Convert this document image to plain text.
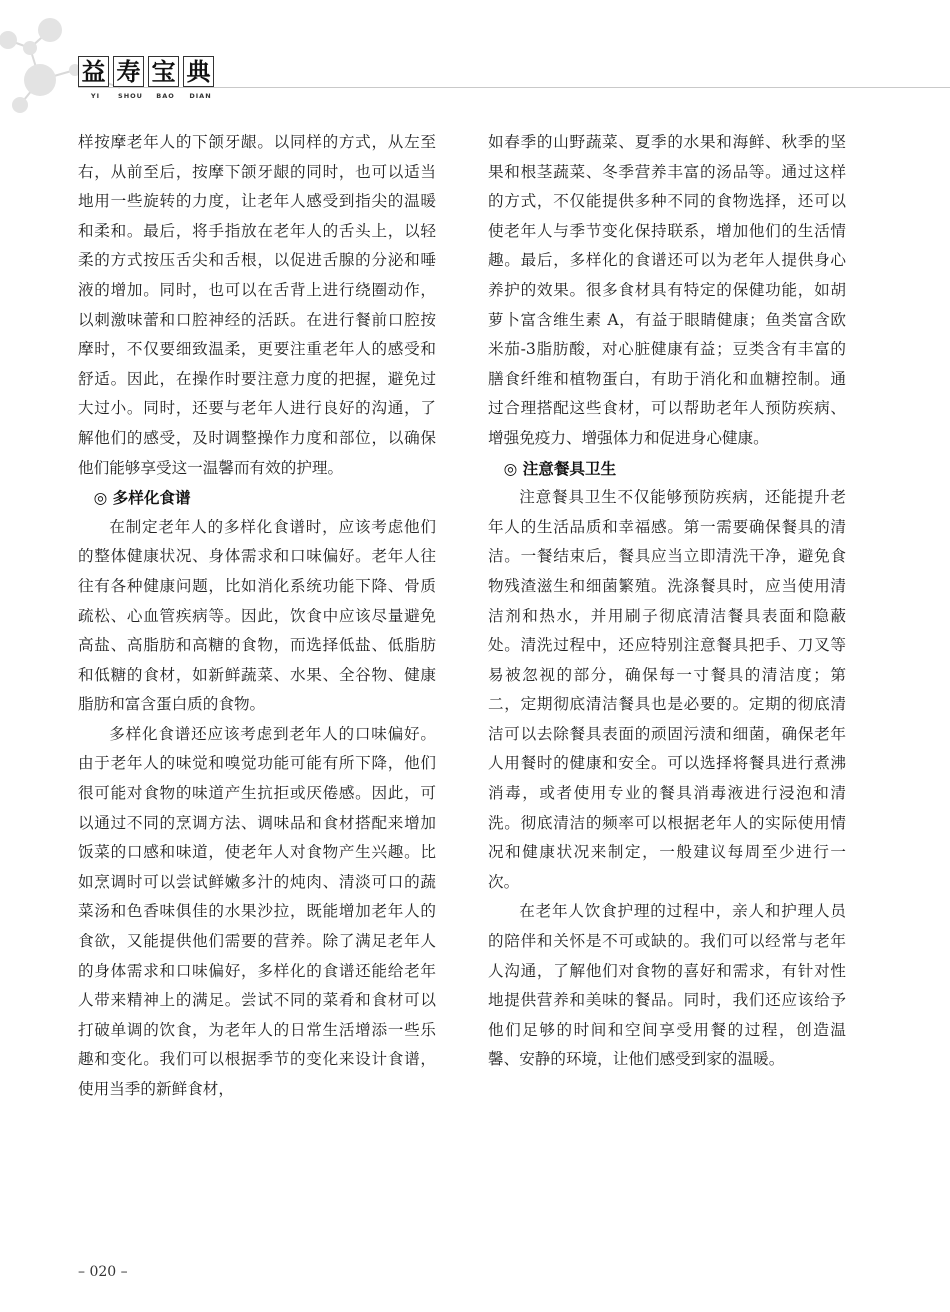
益 寿 宝 典
YI	SHOU	BAO	DIAN

样按摩老年人的下颌牙龈。以同样的方式，从左至右，从前至后，按摩下颌牙龈的同时，也可以适当地用一些旋转的力度，让老年人感受到指尖的温暖和柔和。最后，将手指放在老年人的舌头上，以轻柔的方式按压舌尖和舌根，以促进舌腺的分泌和唾液的增加。同时，也可以在舌背上进行绕圈动作，以刺激味蕾和口腔神经的活跃。在进行餐前口腔按摩时，不仅要细致温柔，更要注重老年人的感受和舒适。因此，在操作时要注意力度的把握，避免过大过小。同时，还要与老年人进行良好的沟通，了解他们的感受，及时调整操作力度和部位，以确保他们能够享受这一温馨而有效的护理。

◎ 多样化食谱

在制定老年人的多样化食谱时，应该考虑他们的整体健康状况、身体需求和口味偏好。老年人往往有各种健康问题，比如消化系统功能下降、骨质疏松、心血管疾病等。因此，饮食中应该尽量避免高盐、高脂肪和高糖的食物，而选择低盐、低脂肪和低糖的食材，如新鲜蔬菜、水果、全谷物、健康脂肪和富含蛋白质的食物。

多样化食谱还应该考虑到老年人的口味偏好。由于老年人的味觉和嗅觉功能可能有所下降，他们很可能对食物的味道产生抗拒或厌倦感。因此，可以通过不同的烹调方法、调味品和食材搭配来增加饭菜的口感和味道，使老年人对食物产生兴趣。比如烹调时可以尝试鲜嫩多汁的炖肉、清淡可口的蔬菜汤和色香味俱佳的水果沙拉，既能增加老年人的食欲，又能提供他们需要的营养。除了满足老年人的身体需求和口味偏好，多样化的食谱还能给老年人带来精神上的满足。尝试不同的菜肴和食材可以打破单调的饮食，为老年人的日常生活增添一些乐趣和变化。我们可以根据季节的变化来设计食谱，使用当季的新鲜食材，

如春季的山野蔬菜、夏季的水果和海鲜、秋季的坚果和根茎蔬菜、冬季营养丰富的汤品等。通过这样的方式，不仅能提供多种不同的食物选择，还可以使老年人与季节变化保持联系，增加他们的生活情趣。最后，多样化的食谱还可以为老年人提供身心养护的效果。很多食材具有特定的保健功能，如胡萝卜富含维生素 A，有益于眼睛健康；鱼类富含欧米茄-3脂肪酸，对心脏健康有益；豆类含有丰富的膳食纤维和植物蛋白，有助于消化和血糖控制。通过合理搭配这些食材，可以帮助老年人预防疾病、增强免疫力、增强体力和促进身心健康。

◎ 注意餐具卫生

注意餐具卫生不仅能够预防疾病，还能提升老年人的生活品质和幸福感。第一需要确保餐具的清洁。一餐结束后，餐具应当立即清洗干净，避免食物残渣滋生和细菌繁殖。洗涤餐具时，应当使用清洁剂和热水，并用刷子彻底清洁餐具表面和隐蔽处。清洗过程中，还应特别注意餐具把手、刀叉等易被忽视的部分，确保每一寸餐具的清洁度；第二，定期彻底清洁餐具也是必要的。定期的彻底清洁可以去除餐具表面的顽固污渍和细菌，确保老年人用餐时的健康和安全。可以选择将餐具进行煮沸消毒，或者使用专业的餐具消毒液进行浸泡和清洗。彻底清洁的频率可以根据老年人的实际使用情况和健康状况来制定，一般建议每周至少进行一次。

在老年人饮食护理的过程中，亲人和护理人员的陪伴和关怀是不可或缺的。我们可以经常与老年人沟通，了解他们对食物的喜好和需求，有针对性地提供营养和美味的餐品。同时，我们还应该给予他们足够的时间和空间享受用餐的过程，创造温馨、安静的环境，让他们感受到家的温暖。

– 020 –
